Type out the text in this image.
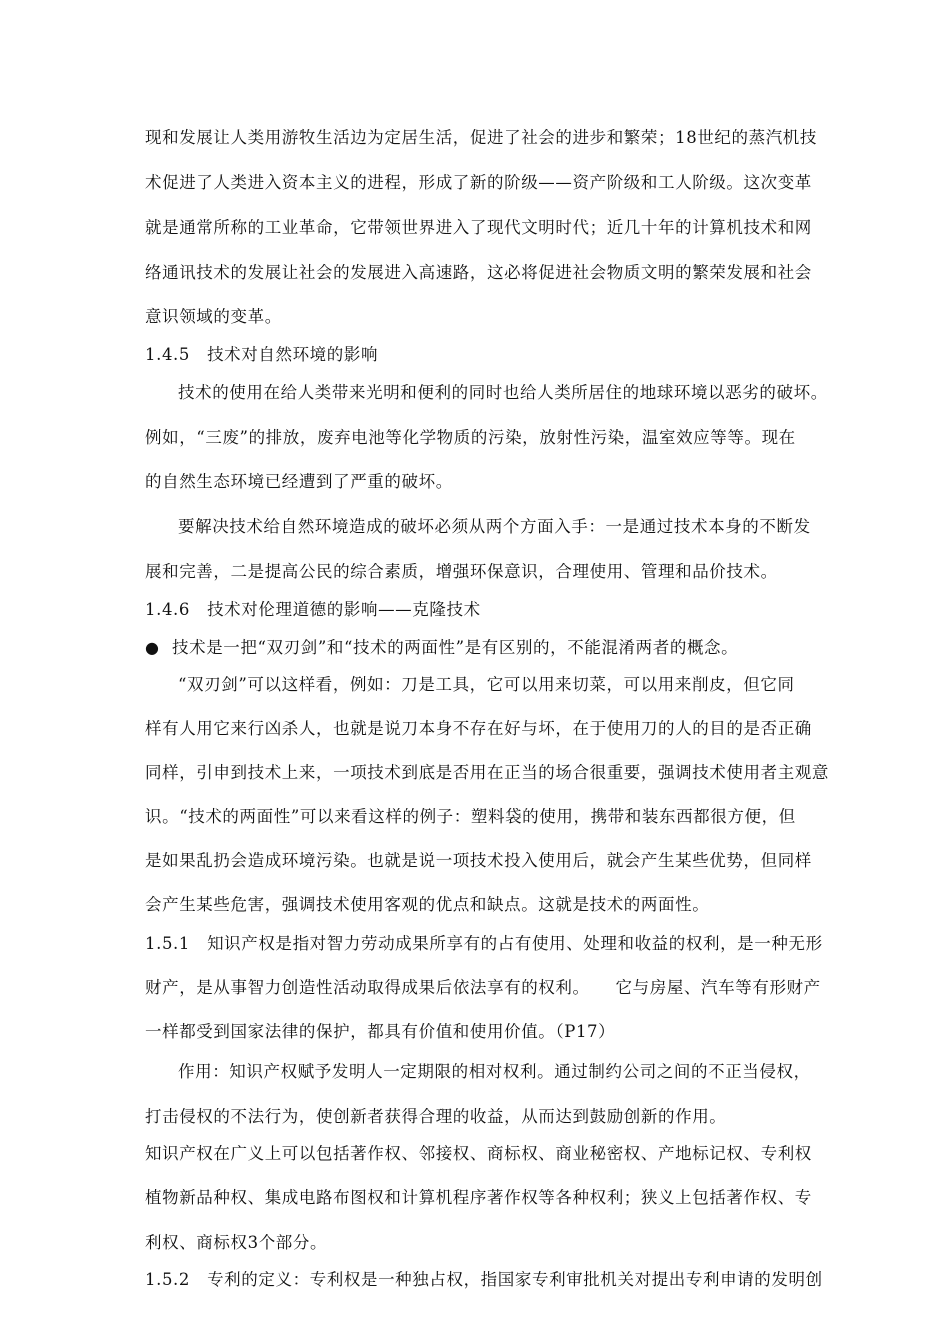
现和发展让人类用游牧生活边为定居生活，促进了社会的进步和繁荣；18世纪的蒸汽机技
术促进了人类进入资本主义的进程，形成了新的阶级——资产阶级和工人阶级。这次变革
就是通常所称的工业革命，它带领世界进入了现代文明时代；近几十年的计算机技术和网
络通讯技术的发展让社会的发展进入高速路，这必将促进社会物质文明的繁荣发展和社会
意识领域的变革。
1.4.5　技术对自然环境的影响
技术的使用在给人类带来光明和便利的同时也给人类所居住的地球环境以恶劣的破坏。
例如，“三废”的排放，废弃电池等化学物质的污染，放射性污染，温室效应等等。现在
的自然生态环境已经遭到了严重的破坏。
要解决技术给自然环境造成的破坏必须从两个方面入手：一是通过技术本身的不断发
展和完善，二是提高公民的综合素质，增强环保意识，合理使用、管理和品价技术。
1.4.6　技术对伦理道德的影响——克隆技术
● 技术是一把“双刃剑”和“技术的两面性”是有区别的，不能混淆两者的概念。
“双刃剑”可以这样看，例如：刀是工具，它可以用来切菜，可以用来削皮，但它同
样有人用它来行凶杀人，也就是说刀本身不存在好与坏，在于使用刀的人的目的是否正确
同样，引申到技术上来，一项技术到底是否用在正当的场合很重要，强调技术使用者主观意
识。“技术的两面性”可以来看这样的例子：塑料袋的使用，携带和装东西都很方便，但
是如果乱扔会造成环境污染。也就是说一项技术投入使用后，就会产生某些优势，但同样
会产生某些危害，强调技术使用客观的优点和缺点。这就是技术的两面性。
1.5.1　知识产权是指对智力劳动成果所享有的占有使用、处理和收益的权利，是一种无形
财产，是从事智力创造性活动取得成果后依法享有的权利。　　它与房屋、汽车等有形财产
一样都受到国家法律的保护，都具有价值和使用价值。（P17）
作用：知识产权赋予发明人一定期限的相对权利。通过制约公司之间的不正当侵权，
打击侵权的不法行为，使创新者获得合理的收益，从而达到鼓励创新的作用。
知识产权在广义上可以包括著作权、邻接权、商标权、商业秘密权、产地标记权、专利权
植物新品种权、集成电路布图权和计算机程序著作权等各种权利；狭义上包括著作权、专
利权、商标权3个部分。
1.5.2　专利的定义：专利权是一种独占权，指国家专利审批机关对提出专利申请的发明创
